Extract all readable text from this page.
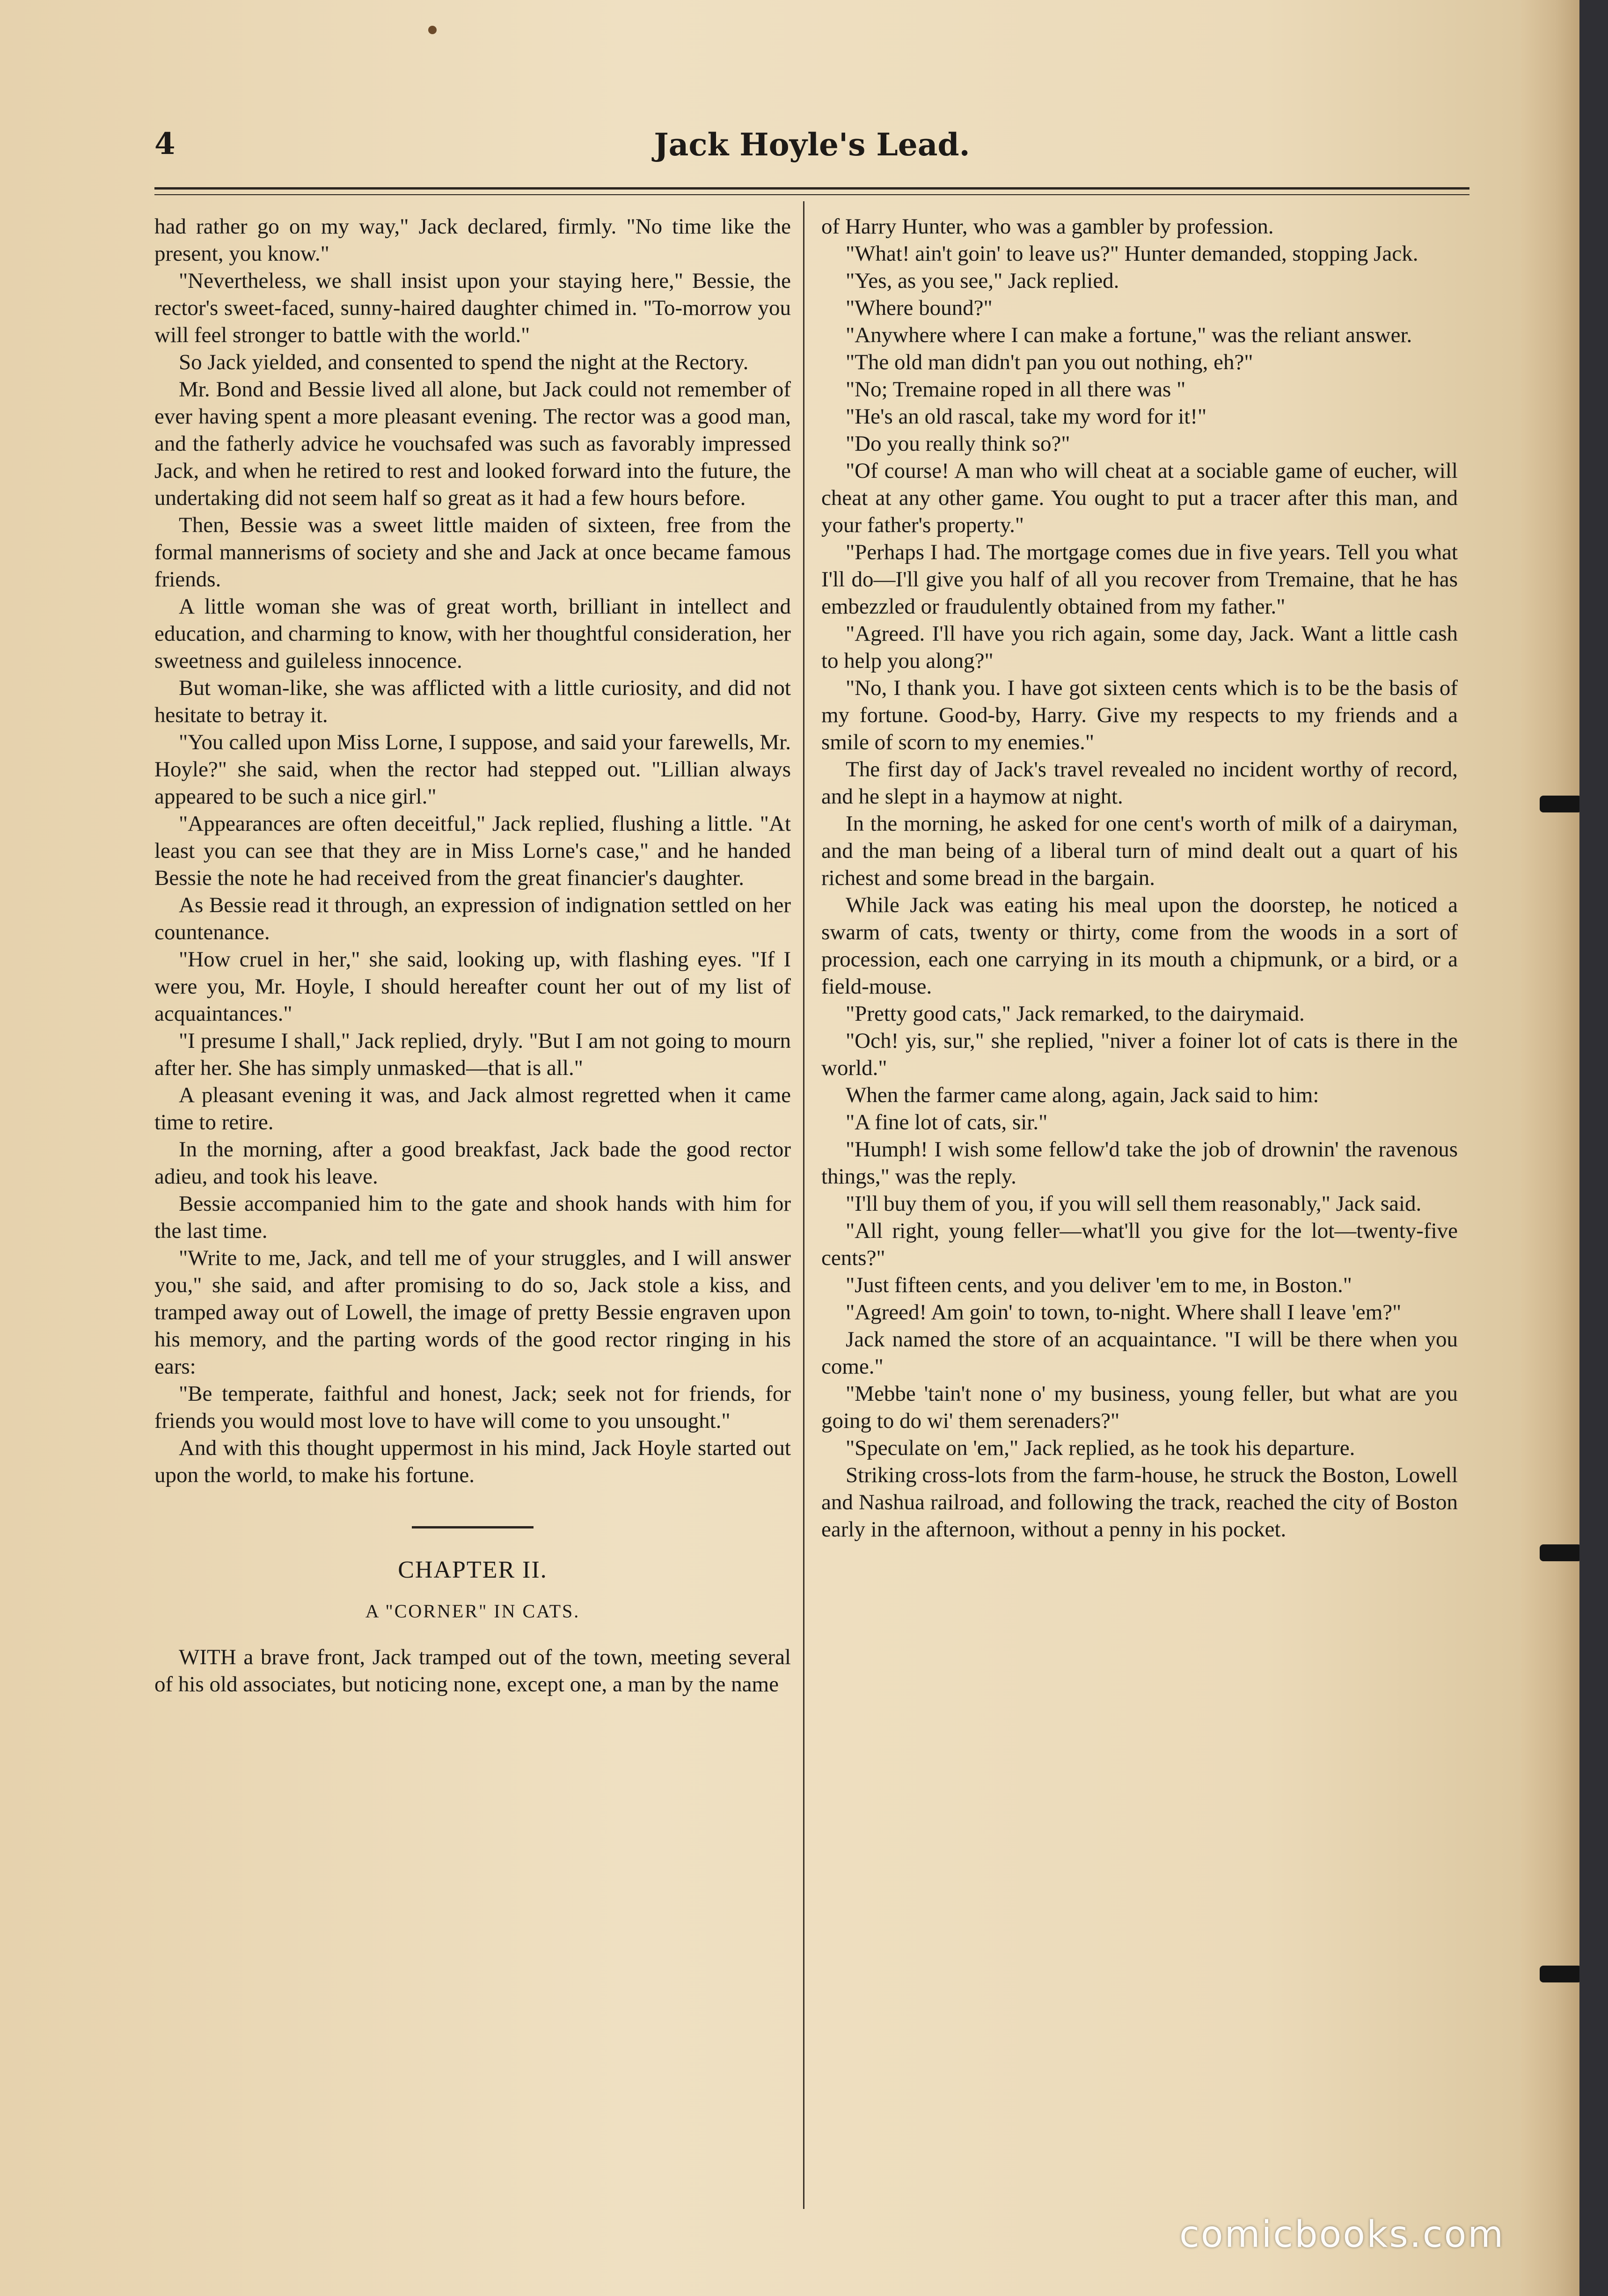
4	Jack Hoyle's Lead.

had rather go on my way," Jack declared, firmly. "No time like the present, you know."

"Nevertheless, we shall insist upon your staying here," Bessie, the rector's sweet-faced, sunny-haired daughter chimed in. "To-morrow you will feel stronger to battle with the world."

So Jack yielded, and consented to spend the night at the Rectory.

Mr. Bond and Bessie lived all alone, but Jack could not remember of ever having spent a more pleasant evening. The rector was a good man, and the fatherly advice he vouchsafed was such as favorably impressed Jack, and when he retired to rest and looked forward into the future, the undertaking did not seem half so great as it had a few hours before.

Then, Bessie was a sweet little maiden of sixteen, free from the formal mannerisms of society and she and Jack at once became famous friends.

A little woman she was of great worth, brilliant in intellect and education, and charming to know, with her thoughtful consideration, her sweetness and guileless innocence.

But woman-like, she was afflicted with a little curiosity, and did not hesitate to betray it.

"You called upon Miss Lorne, I suppose, and said your farewells, Mr. Hoyle?" she said, when the rector had stepped out. "Lillian always appeared to be such a nice girl."

"Appearances are often deceitful," Jack replied, flushing a little. "At least you can see that they are in Miss Lorne's case," and he handed Bessie the note he had received from the great financier's daughter.

As Bessie read it through, an expression of indignation settled on her countenance.

"How cruel in her," she said, looking up, with flashing eyes. "If I were you, Mr. Hoyle, I should hereafter count her out of my list of acquaintances."

"I presume I shall," Jack replied, dryly. "But I am not going to mourn after her. She has simply unmasked—that is all."

A pleasant evening it was, and Jack almost regretted when it came time to retire.

In the morning, after a good breakfast, Jack bade the good rector adieu, and took his leave.

Bessie accompanied him to the gate and shook hands with him for the last time.

"Write to me, Jack, and tell me of your struggles, and I will answer you," she said, and after promising to do so, Jack stole a kiss, and tramped away out of Lowell, the image of pretty Bessie engraven upon his memory, and the parting words of the good rector ringing in his ears:

"Be temperate, faithful and honest, Jack; seek not for friends, for friends you would most love to have will come to you unsought."

And with this thought uppermost in his mind, Jack Hoyle started out upon the world, to make his fortune.

CHAPTER II.
A "CORNER" IN CATS.

WITH a brave front, Jack tramped out of the town, meeting several of his old associates, but noticing none, except one, a man by the name

of Harry Hunter, who was a gambler by profession.

"What! ain't goin' to leave us?" Hunter demanded, stopping Jack.

"Yes, as you see," Jack replied.

"Where bound?"

"Anywhere where I can make a fortune," was the reliant answer.

"The old man didn't pan you out nothing, eh?"

"No; Tremaine roped in all there was "

"He's an old rascal, take my word for it!"

"Do you really think so?"

"Of course! A man who will cheat at a sociable game of eucher, will cheat at any other game. You ought to put a tracer after this man, and your father's property."

"Perhaps I had. The mortgage comes due in five years. Tell you what I'll do—I'll give you half of all you recover from Tremaine, that he has embezzled or fraudulently obtained from my father."

"Agreed. I'll have you rich again, some day, Jack. Want a little cash to help you along?"

"No, I thank you. I have got sixteen cents which is to be the basis of my fortune. Good-by, Harry. Give my respects to my friends and a smile of scorn to my enemies."

The first day of Jack's travel revealed no incident worthy of record, and he slept in a haymow at night.

In the morning, he asked for one cent's worth of milk of a dairyman, and the man being of a liberal turn of mind dealt out a quart of his richest and some bread in the bargain.

While Jack was eating his meal upon the doorstep, he noticed a swarm of cats, twenty or thirty, come from the woods in a sort of procession, each one carrying in its mouth a chipmunk, or a bird, or a field-mouse.

"Pretty good cats," Jack remarked, to the dairymaid.

"Och! yis, sur," she replied, "niver a foiner lot of cats is there in the world."

When the farmer came along, again, Jack said to him:

"A fine lot of cats, sir."

"Humph! I wish some fellow'd take the job of drownin' the ravenous things," was the reply.

"I'll buy them of you, if you will sell them reasonably," Jack said.

"All right, young feller—what'll you give for the lot—twenty-five cents?"

"Just fifteen cents, and you deliver 'em to me, in Boston."

"Agreed! Am goin' to town, to-night. Where shall I leave 'em?"

Jack named the store of an acquaintance. "I will be there when you come."

"Mebbe 'tain't none o' my business, young feller, but what are you going to do wi' them serenaders?"

"Speculate on 'em," Jack replied, as he took his departure.

Striking cross-lots from the farm-house, he struck the Boston, Lowell and Nashua railroad, and following the track, reached the city of Boston early in the afternoon, without a penny in his pocket.

comicbooks.com
